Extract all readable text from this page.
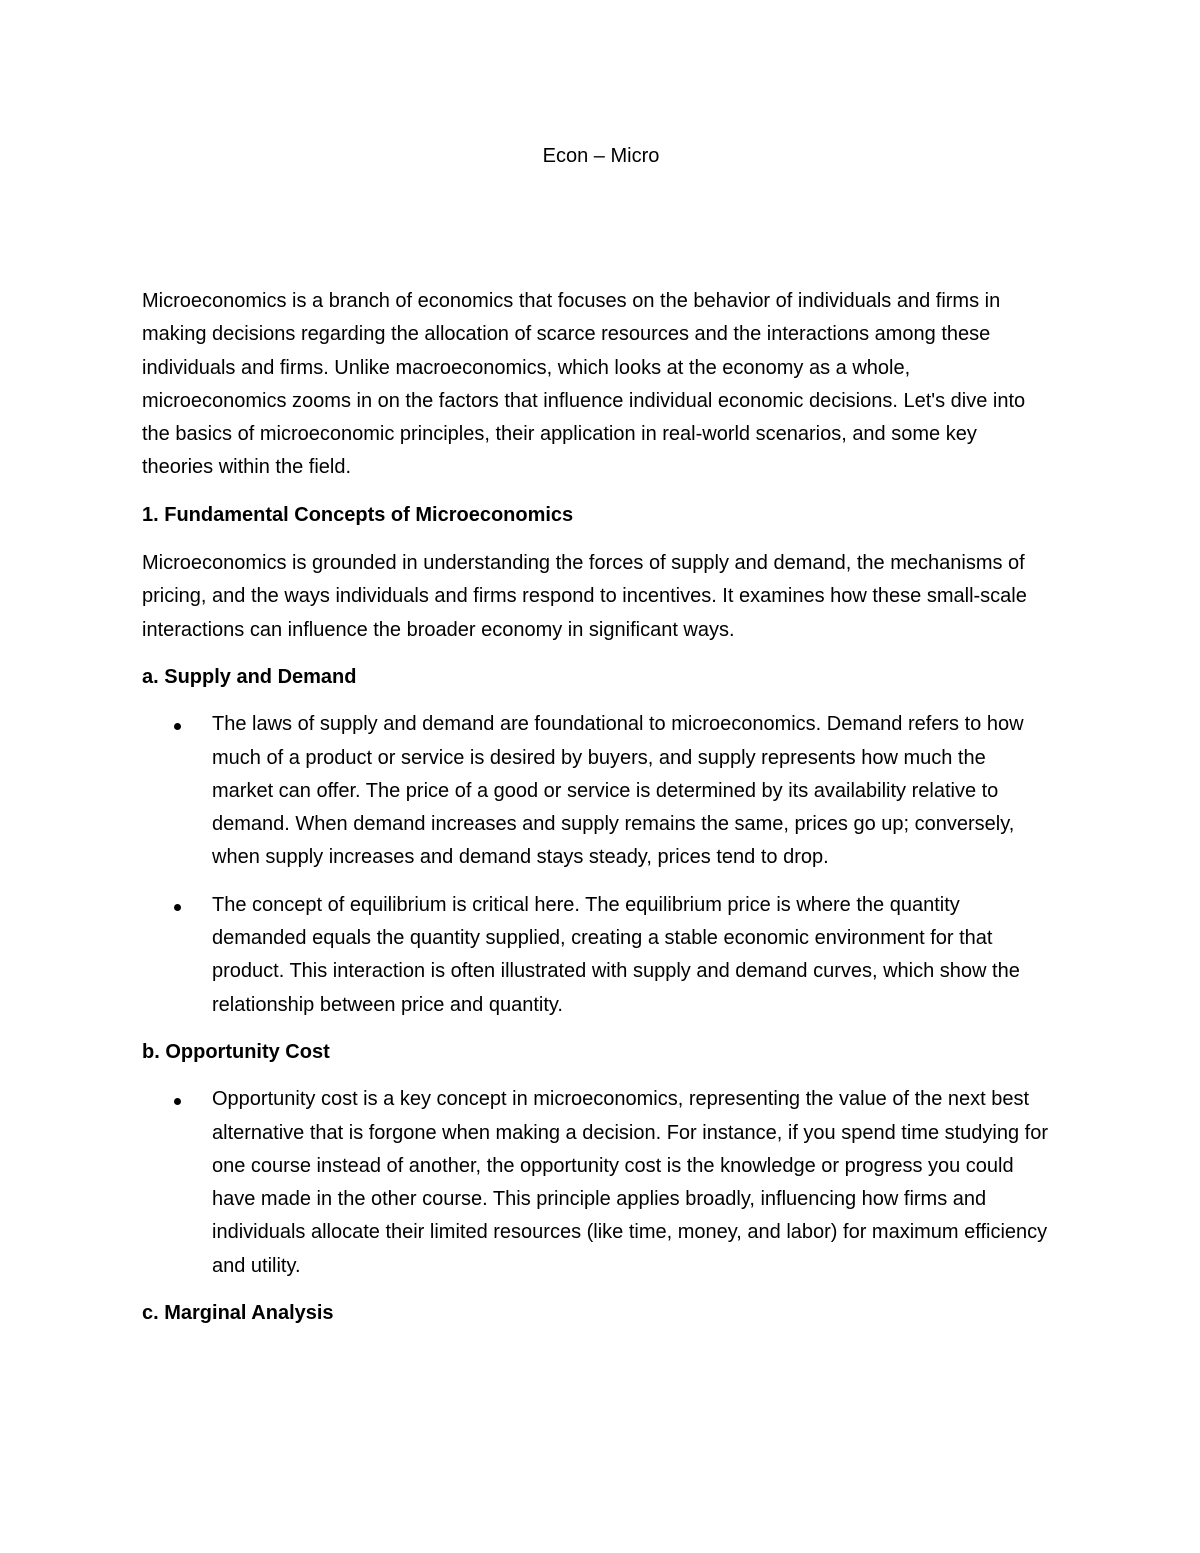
Econ – Micro

Microeconomics is a branch of economics that focuses on the behavior of individuals and firms in making decisions regarding the allocation of scarce resources and the interactions among these individuals and firms. Unlike macroeconomics, which looks at the economy as a whole, microeconomics zooms in on the factors that influence individual economic decisions. Let's dive into the basics of microeconomic principles, their application in real-world scenarios, and some key theories within the field.

1. Fundamental Concepts of Microeconomics

Microeconomics is grounded in understanding the forces of supply and demand, the mechanisms of pricing, and the ways individuals and firms respond to incentives. It examines how these small-scale interactions can influence the broader economy in significant ways.

a. Supply and Demand

The laws of supply and demand are foundational to microeconomics. Demand refers to how much of a product or service is desired by buyers, and supply represents how much the market can offer. The price of a good or service is determined by its availability relative to demand. When demand increases and supply remains the same, prices go up; conversely, when supply increases and demand stays steady, prices tend to drop.
The concept of equilibrium is critical here. The equilibrium price is where the quantity demanded equals the quantity supplied, creating a stable economic environment for that product. This interaction is often illustrated with supply and demand curves, which show the relationship between price and quantity.

b. Opportunity Cost

Opportunity cost is a key concept in microeconomics, representing the value of the next best alternative that is forgone when making a decision. For instance, if you spend time studying for one course instead of another, the opportunity cost is the knowledge or progress you could have made in the other course. This principle applies broadly, influencing how firms and individuals allocate their limited resources (like time, money, and labor) for maximum efficiency and utility.

c. Marginal Analysis
